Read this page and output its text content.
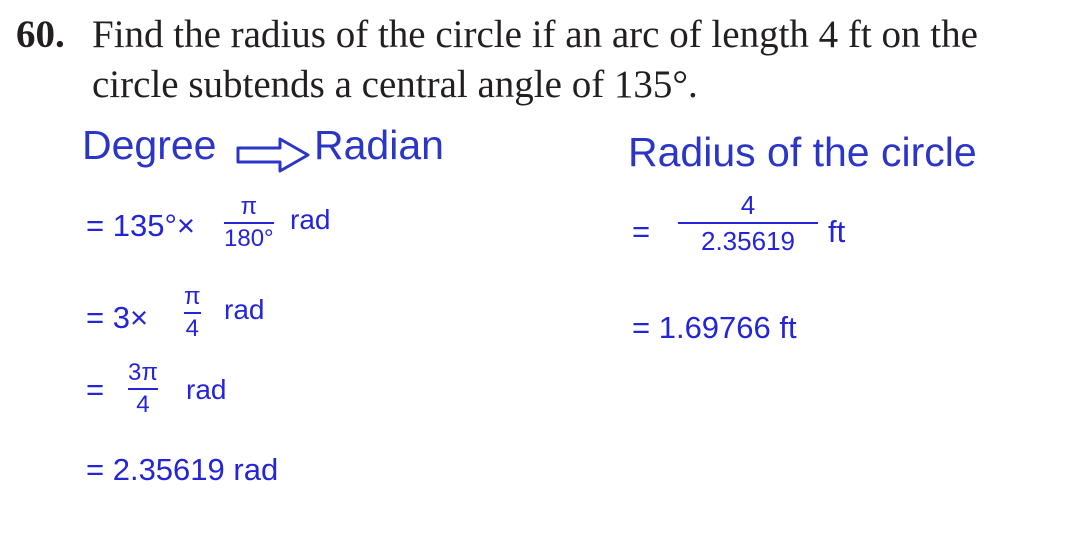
60. Find the radius of the circle if an arc of length 4 ft on the
circle subtends a central angle of 135°.
Degree Radian	Radius of the circle
= 135°×
π
180°
rad
= 3×
π
4
rad
= 3π
4 rad
= 2.35619 rad
=
4
2.35619 ft
= 1.69766 ft
